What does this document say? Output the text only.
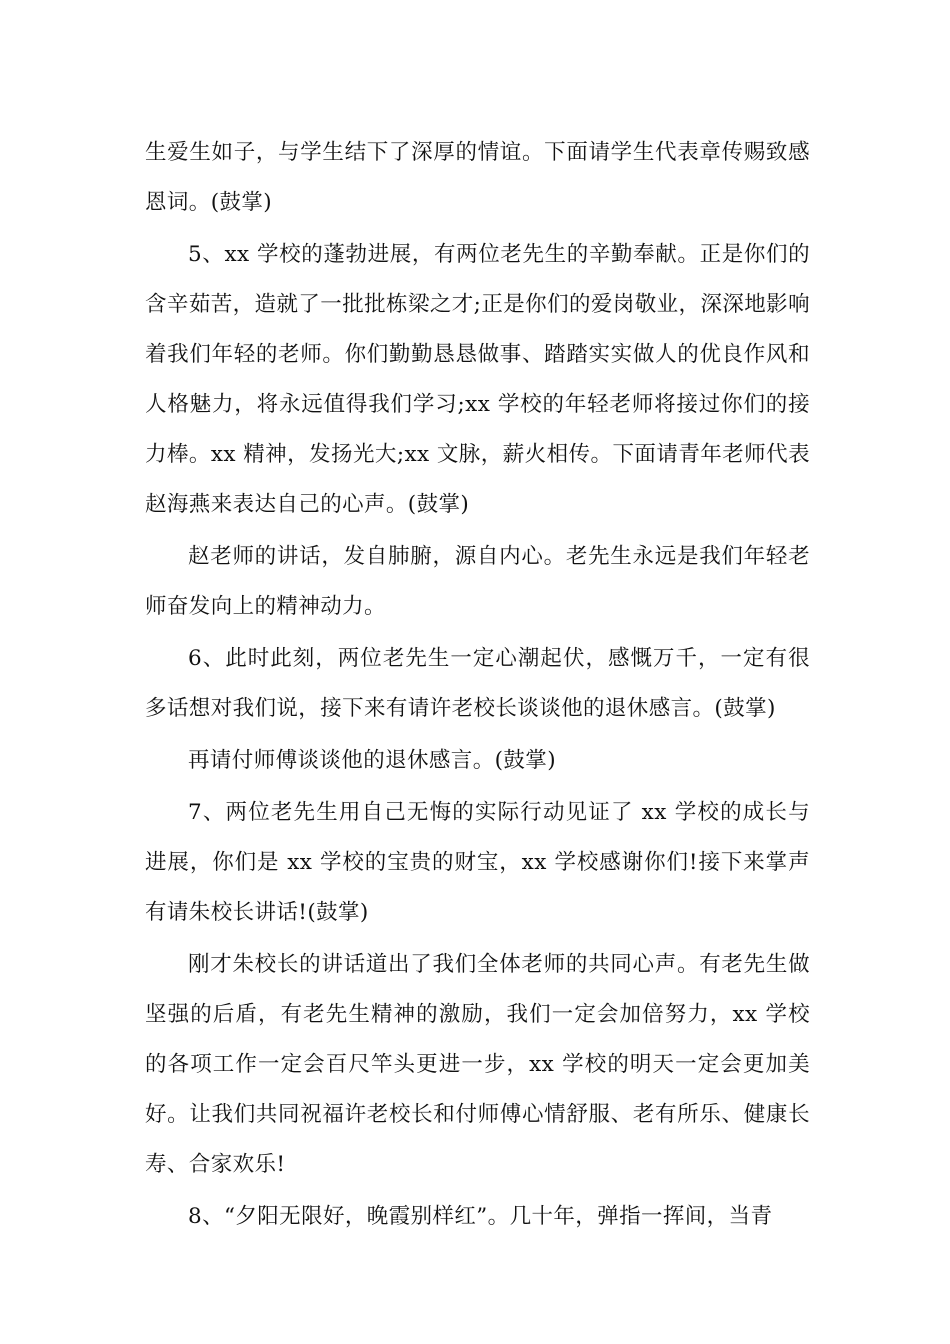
生爱生如子，与学生结下了深厚的情谊。下面请学生代表章传赐致感恩词。(鼓掌)

5、xx 学校的蓬勃进展，有两位老先生的辛勤奉献。正是你们的含辛茹苦，造就了一批批栋梁之才;正是你们的爱岗敬业，深深地影响着我们年轻的老师。你们勤勤恳恳做事、踏踏实实做人的优良作风和人格魅力，将永远值得我们学习;xx 学校的年轻老师将接过你们的接力棒。xx 精神，发扬光大;xx 文脉，薪火相传。下面请青年老师代表赵海燕来表达自己的心声。(鼓掌)

赵老师的讲话，发自肺腑，源自内心。老先生永远是我们年轻老师奋发向上的精神动力。

6、此时此刻，两位老先生一定心潮起伏，感慨万千，一定有很多话想对我们说，接下来有请许老校长谈谈他的退休感言。(鼓掌)

再请付师傅谈谈他的退休感言。(鼓掌)

7、两位老先生用自己无悔的实际行动见证了 xx 学校的成长与进展，你们是 xx 学校的宝贵的财宝，xx 学校感谢你们!接下来掌声有请朱校长讲话!(鼓掌)

刚才朱校长的讲话道出了我们全体老师的共同心声。有老先生做坚强的后盾，有老先生精神的激励，我们一定会加倍努力，xx 学校的各项工作一定会百尺竿头更进一步，xx 学校的明天一定会更加美好。让我们共同祝福许老校长和付师傅心情舒服、老有所乐、健康长寿、合家欢乐!

8、“夕阳无限好，晚霞别样红”。几十年，弹指一挥间，当青
